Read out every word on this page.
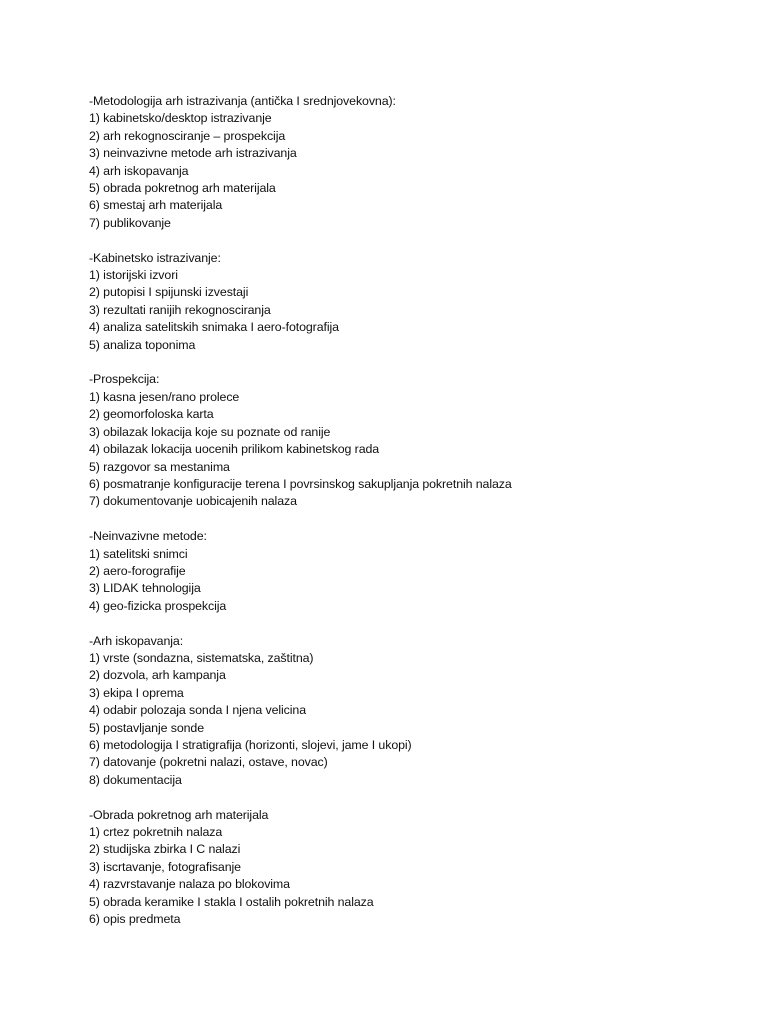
-Metodologija arh istrazivanja (antička I srednjovekovna):
1) kabinetsko/desktop istrazivanje
2) arh rekognosciranje – prospekcija
3) neinvazivne metode arh istrazivanja
4) arh iskopavanja
5) obrada pokretnog arh materijala
6) smestaj arh materijala
7) publikovanje
-Kabinetsko istrazivanje:
1) istorijski izvori
2) putopisi I spijunski izvestaji
3) rezultati ranijih rekognosciranja
4) analiza satelitskih snimaka I aero-fotografija
5) analiza toponima
-Prospekcija:
1) kasna jesen/rano prolece
2) geomorfoloska karta
3) obilazak lokacija koje su poznate od ranije
4) obilazak lokacija uocenih prilikom kabinetskog rada
5) razgovor sa mestanima
6) posmatranje konfiguracije terena I povrsinskog sakupljanja pokretnih nalaza
7) dokumentovanje uobicajenih nalaza
-Neinvazivne metode:
1) satelitski snimci
2) aero-forografije
3) LIDAK tehnologija
4) geo-fizicka prospekcija
-Arh iskopavanja:
1) vrste (sondazna, sistematska, zaštitna)
2) dozvola, arh kampanja
3) ekipa I oprema
4) odabir polozaja sonda I njena velicina
5) postavljanje sonde
6) metodologija I stratigrafija (horizonti, slojevi, jame I ukopi)
7) datovanje (pokretni nalazi, ostave, novac)
8) dokumentacija
-Obrada pokretnog arh materijala
1) crtez pokretnih nalaza
2) studijska zbirka I C nalazi
3) iscrtavanje, fotografisanje
4) razvrstavanje nalaza po blokovima
5) obrada keramike I stakla I ostalih pokretnih nalaza
6) opis predmeta
